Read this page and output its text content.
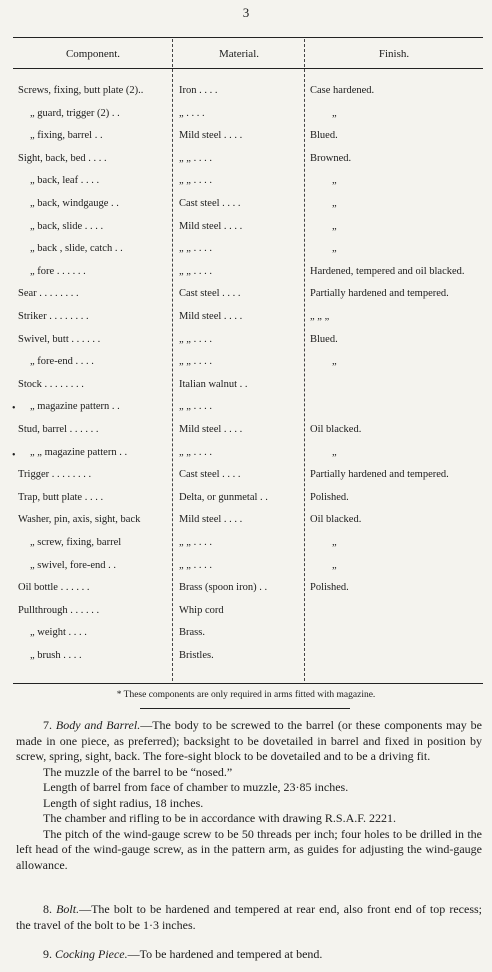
3
Component.	Material.	Finish.
Screws, fixing, butt plate (2)..	Iron . . . .	Case hardened.
„ guard, trigger (2) . .	„ . . . .	„
„ fixing, barrel . .	Mild steel . . . .	Blued.
Sight, back, bed . . . .	„ „ . . . .	Browned.
„ back, leaf . . . .	„ „ . . . .	„
„ back, windgauge . .	Cast steel . . . .	„
„ back, slide . . . .	Mild steel . . . .	„
„ back , slide, catch . .	„ „ . . . .	„
„ fore . . . . . .	„ „ . . . .	Hardened, tempered and oil blacked.
Sear . . . . . . . .	Cast steel . . . .	Partially hardened and tempered.
Striker . . . . . . . .	Mild steel . . . .	„ „ „
Swivel, butt . . . . . .	„ „ . . . .	Blued.
„ fore-end . . . .	„ „ . . . .	„
Stock . . . . . . . .	Italian walnut . .
„ magazine pattern . .	„ „ . . . .
Stud, barrel . . . . . .	Mild steel . . . .	Oil blacked.
„ „ magazine pattern . .	„ „ . . . .	„
Trigger . . . . . . . .	Cast steel . . . .	Partially hardened and tempered.
Trap, butt plate . . . .	Delta, or gunmetal . .	Polished.
Washer, pin, axis, sight, back	Mild steel . . . .	Oil blacked.
„ screw, fixing, barrel	„ „ . . . .	„
„ swivel, fore-end . .	„ „ . . . .	„
Oil bottle . . . . . .	Brass (spoon iron) . .	Polished.
Pullthrough . . . . . .	Whip cord
„ weight . . . .	Brass.
„ brush . . . .	Bristles.
•
•
* These components are only required in arms fitted with magazine.

7. Body and Barrel.—The body to be screwed to the barrel (or these components may be made in one piece, as preferred); backsight to be dovetailed in barrel and fixed in position by screw, spring, sight, back. The fore-sight block to be dovetailed and to be a driving fit.

The muzzle of the barrel to be “nosed.”

Length of barrel from face of chamber to muzzle, 23·85 inches.

Length of sight radius, 18 inches.

The chamber and rifling to be in accordance with drawing R.S.A.F. 2221.

The pitch of the wind-gauge screw to be 50 threads per inch; four holes to be drilled in the left head of the wind-gauge screw, as in the pattern arm, as guides for adjusting the wind-gauge allowance.

8. Bolt.—The bolt to be hardened and tempered at rear end, also front end of top recess; the travel of the bolt to be 1·3 inches.

9. Cocking Piece.—To be hardened and tempered at bend.
